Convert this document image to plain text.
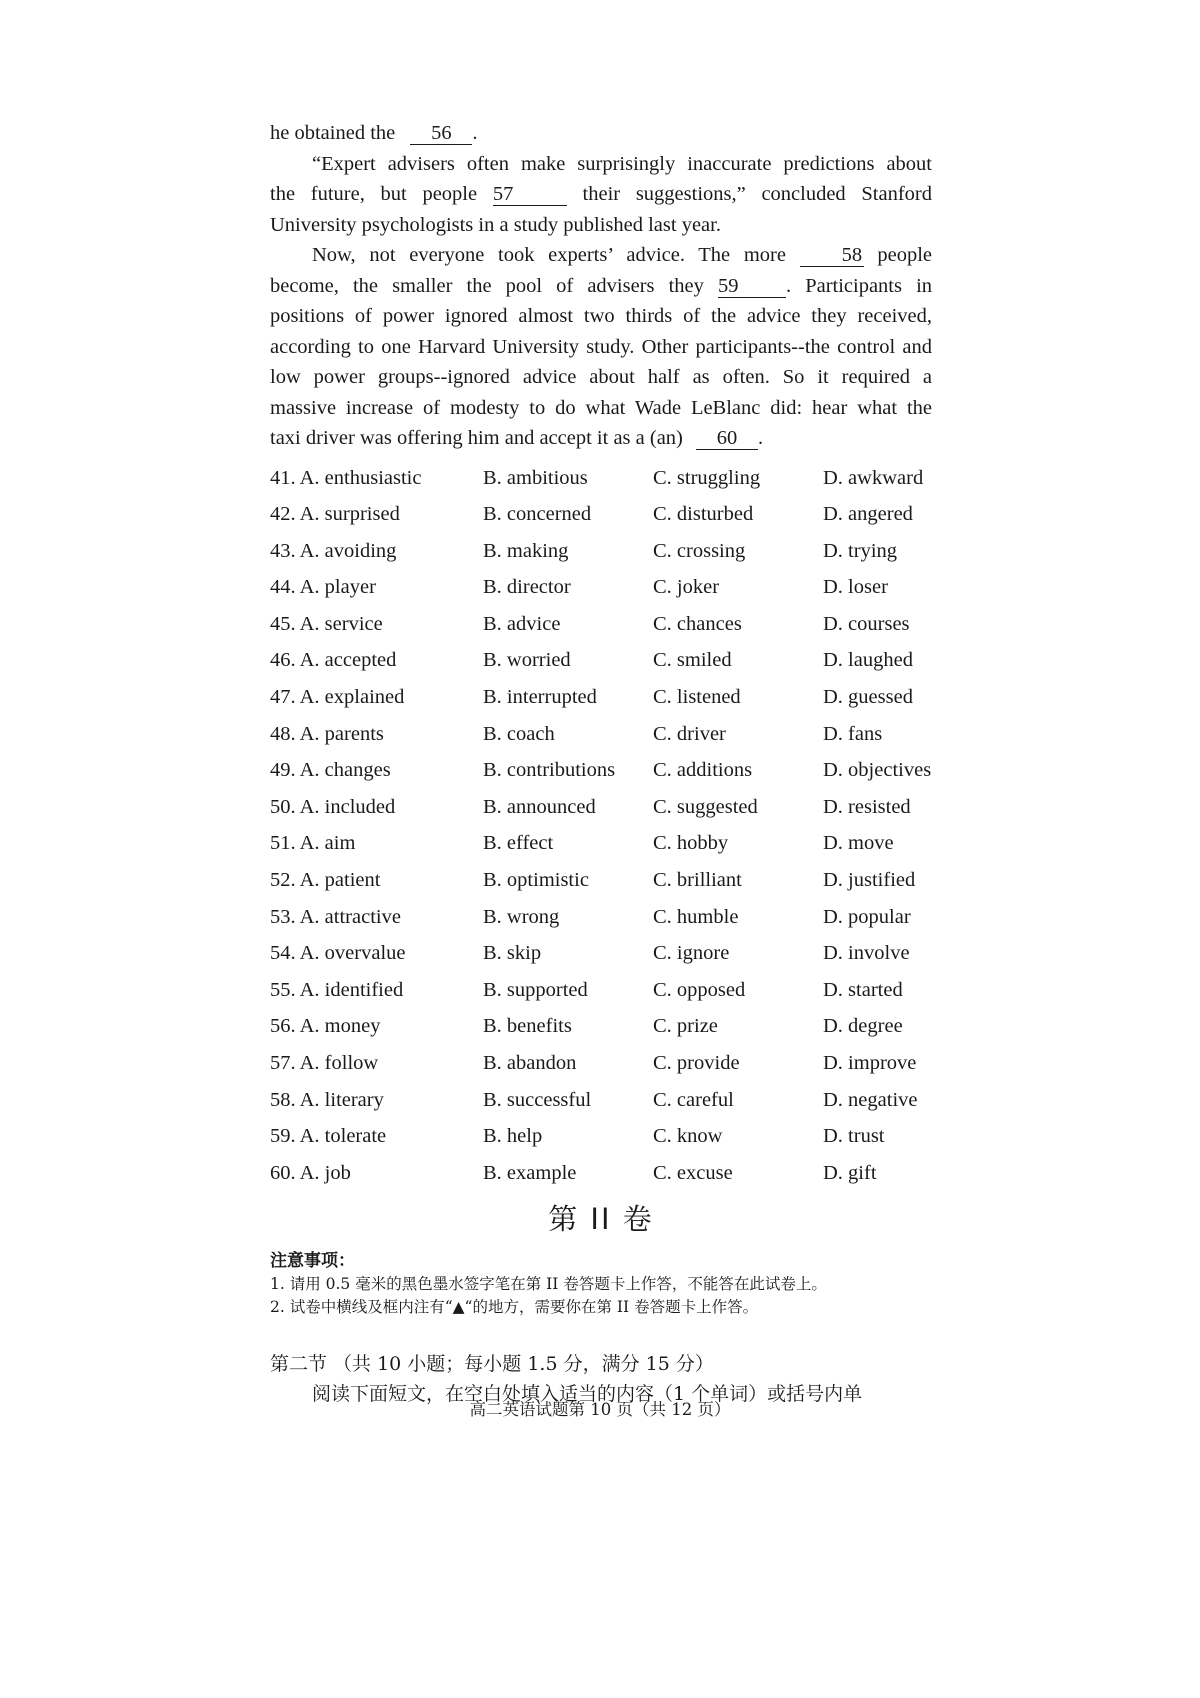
he obtained the 56 .
“Expert advisers often make surprisingly inaccurate predictions about
the future, but people 57	their suggestions,” concluded Stanford
University psychologists in a study published last year.
Now, not everyone took experts’ advice. The more	58 people
become, the smaller the pool of advisers they 59 . Participants in
positions of power ignored almost two thirds of the advice they received,
according to one Harvard University study. Other participants--the control and
low power groups--ignored advice about half as often. So it required a
massive increase of modesty to do what Wade LeBlanc did: hear what the
taxi driver was offering him and accept it as a (an) 60 .
41. A. enthusiastic	B. ambitious	C. struggling	D. awkward
42. A. surprised	B. concerned	C. disturbed	D. angered
43. A. avoiding	B. making	C. crossing	D. trying
44. A. player	B. director	C. joker	D. loser
45. A. service	B. advice	C. chances	D. courses
46. A. accepted	B. worried	C. smiled	D. laughed
47. A. explained	B. interrupted	C. listened	D. guessed
48. A. parents	B. coach	C. driver	D. fans
49. A. changes	B. contributions	C. additions	D. objectives
50. A. included	B. announced	C. suggested	D. resisted
51. A. aim	B. effect	C. hobby	D. move
52. A. patient	B. optimistic	C. brilliant	D. justified
53. A. attractive	B. wrong	C. humble	D. popular
54. A. overvalue	B. skip	C. ignore	D. involve
55. A. identified	B. supported	C. opposed	D. started
56. A. money	B. benefits	C. prize	D. degree
57. A. follow	B. abandon	C. provide	D. improve
58. A. literary	B. successful	C. careful	D. negative
59. A. tolerate	B. help	C. know	D. trust
60. A. job	B. example	C. excuse	D. gift
第 II 卷
注意事项：
1. 请用 0.5 毫米的黑色墨水签字笔在第 II 卷答题卡上作答，不能答在此试卷上。
2. 试卷中横线及框内注有“▲“的地方，需要你在第 II 卷答题卡上作答。
第二节 （共 10 小题；每小题 1.5 分，满分 15 分）
阅读下面短文，在空白处填入适当的内容（1 个单词）或括号内单
高二英语试题第 10 页（共 12 页）
